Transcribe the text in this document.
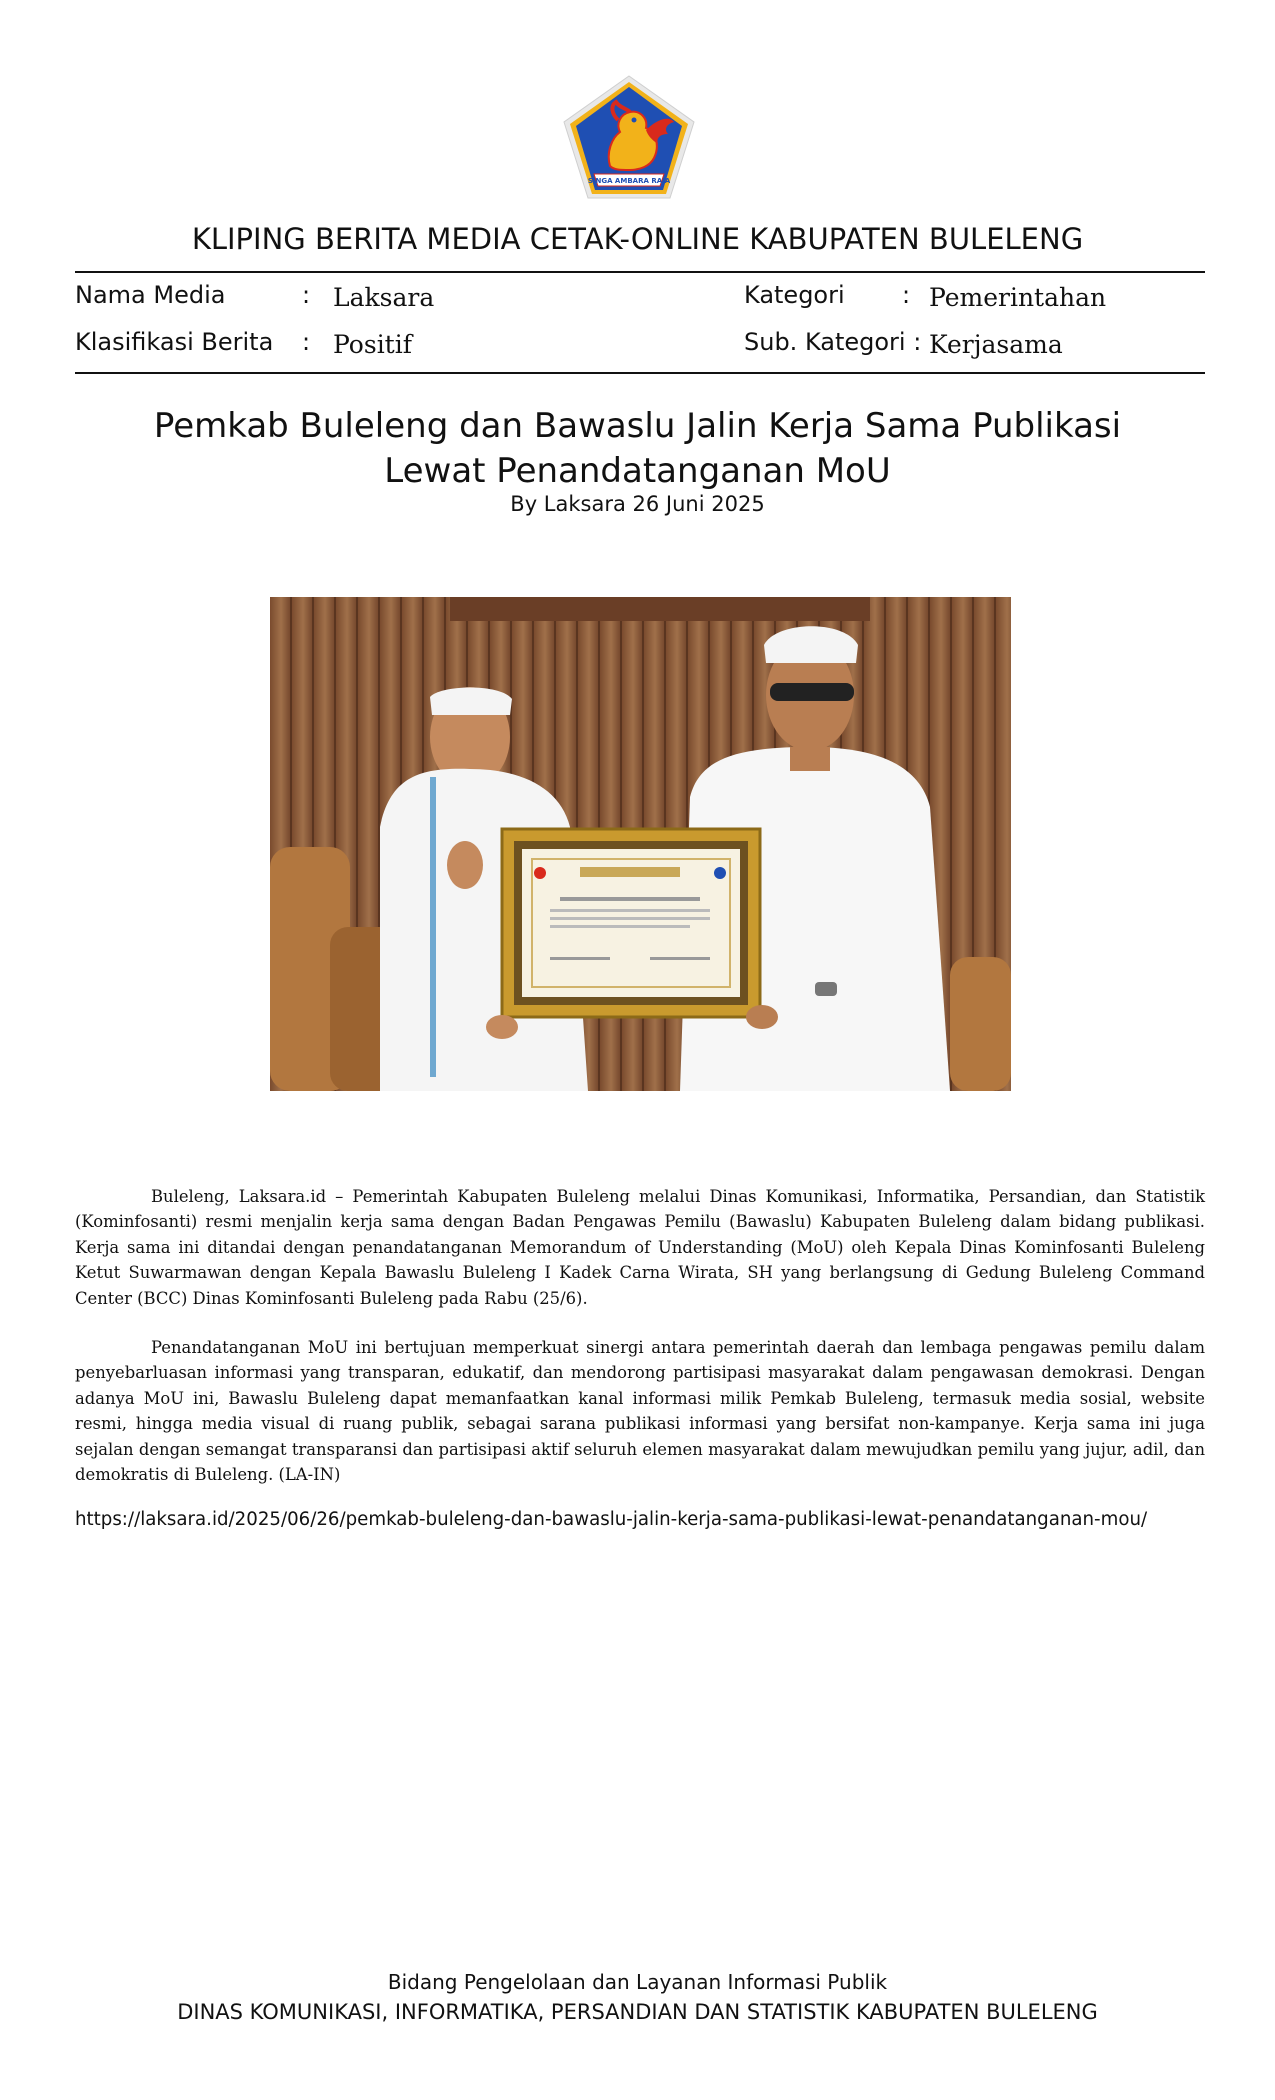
SINGA AMBARA RAJA
KLIPING BERITA MEDIA CETAK-ONLINE KABUPATEN BULELENG
Nama Media	: Laksara	Kategori : Pemerintahan
Klasifikasi Berita : Positif	Sub. Kategori : Kerjasama
Pemkab Buleleng dan Bawaslu Jalin Kerja Sama Publikasi Lewat Penandatanganan MoU
By Laksara 26 Juni 2025
Buleleng, Laksara.id – Pemerintah Kabupaten Buleleng melalui Dinas Komunikasi, Informatika, Persandian, dan Statistik (Kominfosanti) resmi menjalin kerja sama dengan Badan Pengawas Pemilu (Bawaslu) Kabupaten Buleleng dalam bidang publikasi. Kerja sama ini ditandai dengan penandatanganan Memorandum of Understanding (MoU) oleh Kepala Dinas Kominfosanti Buleleng Ketut Suwarmawan dengan Kepala Bawaslu Buleleng I Kadek Carna Wirata, SH yang berlangsung di Gedung Buleleng Command Center (BCC) Dinas Kominfosanti Buleleng pada Rabu (25/6).
Penandatanganan MoU ini bertujuan memperkuat sinergi antara pemerintah daerah dan lembaga pengawas pemilu dalam penyebarluasan informasi yang transparan, edukatif, dan mendorong partisipasi masyarakat dalam pengawasan demokrasi. Dengan adanya MoU ini, Bawaslu Buleleng dapat memanfaatkan kanal informasi milik Pemkab Buleleng, termasuk media sosial, website resmi, hingga media visual di ruang publik, sebagai sarana publikasi informasi yang bersifat non-kampanye. Kerja sama ini juga sejalan dengan semangat transparansi dan partisipasi aktif seluruh elemen masyarakat dalam mewujudkan pemilu yang jujur, adil, dan demokratis di Buleleng. (LA-IN)
https://laksara.id/2025/06/26/pemkab-buleleng-dan-bawaslu-jalin-kerja-sama-publikasi-lewat-penandatanganan-mou/
Bidang Pengelolaan dan Layanan Informasi Publik
DINAS KOMUNIKASI, INFORMATIKA, PERSANDIAN DAN STATISTIK KABUPATEN BULELENG
